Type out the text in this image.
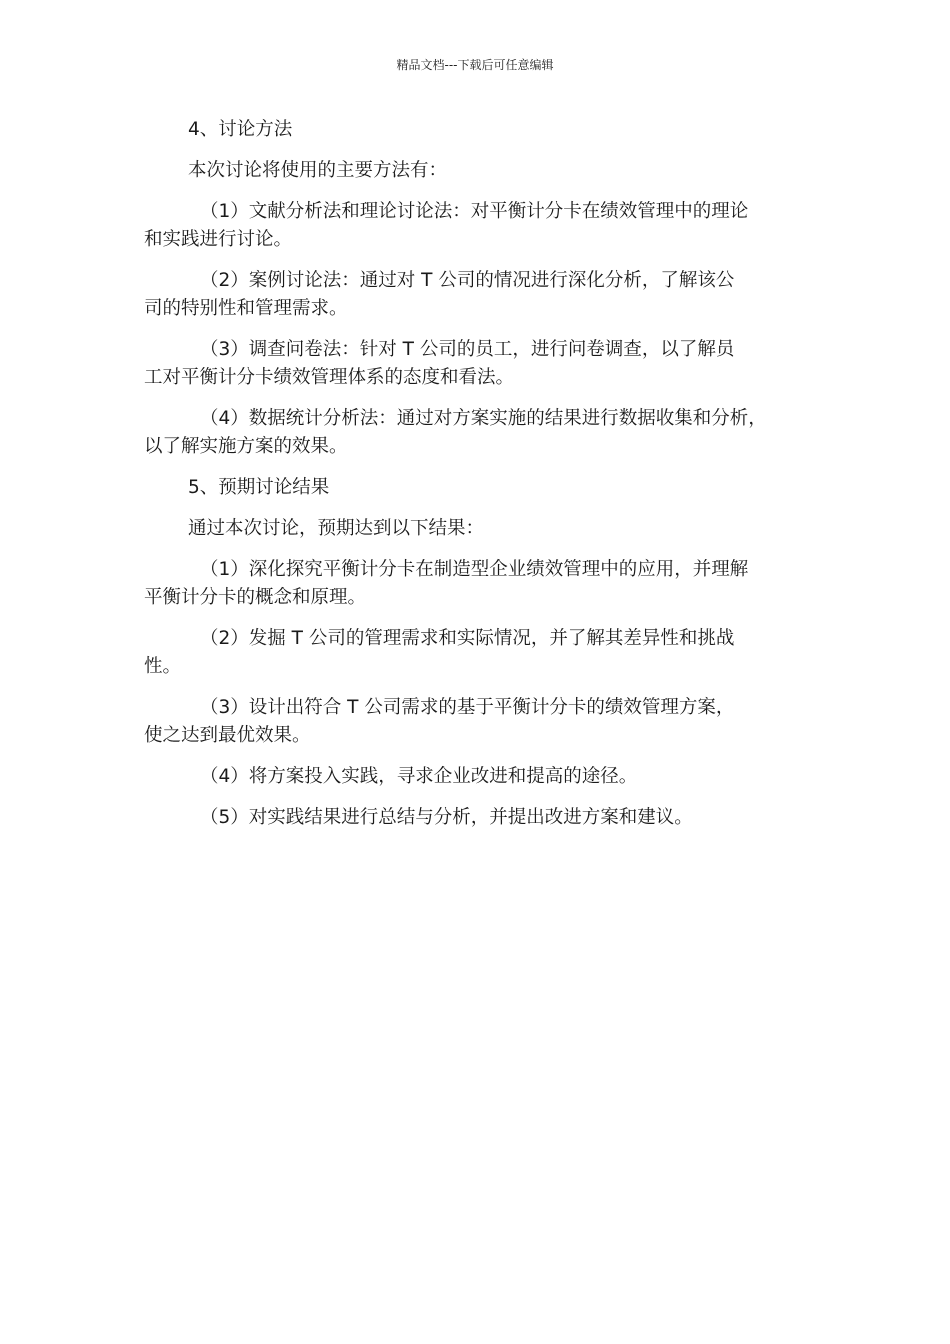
精品文档---下载后可任意编辑

4、讨论方法

本次讨论将使用的主要方法有：

（1）文献分析法和理论讨论法：对平衡计分卡在绩效管理中的理论

和实践进行讨论。

（2）案例讨论法：通过对 T 公司的情况进行深化分析，了解该公

司的特别性和管理需求。

（3）调查问卷法：针对 T 公司的员工，进行问卷调查，以了解员

工对平衡计分卡绩效管理体系的态度和看法。

（4）数据统计分析法：通过对方案实施的结果进行数据收集和分析，

以了解实施方案的效果。

5、预期讨论结果

通过本次讨论，预期达到以下结果：

（1）深化探究平衡计分卡在制造型企业绩效管理中的应用，并理解

平衡计分卡的概念和原理。

（2）发掘 T 公司的管理需求和实际情况，并了解其差异性和挑战

性。

（3）设计出符合 T 公司需求的基于平衡计分卡的绩效管理方案，

使之达到最优效果。

（4）将方案投入实践，寻求企业改进和提高的途径。

（5）对实践结果进行总结与分析，并提出改进方案和建议。
